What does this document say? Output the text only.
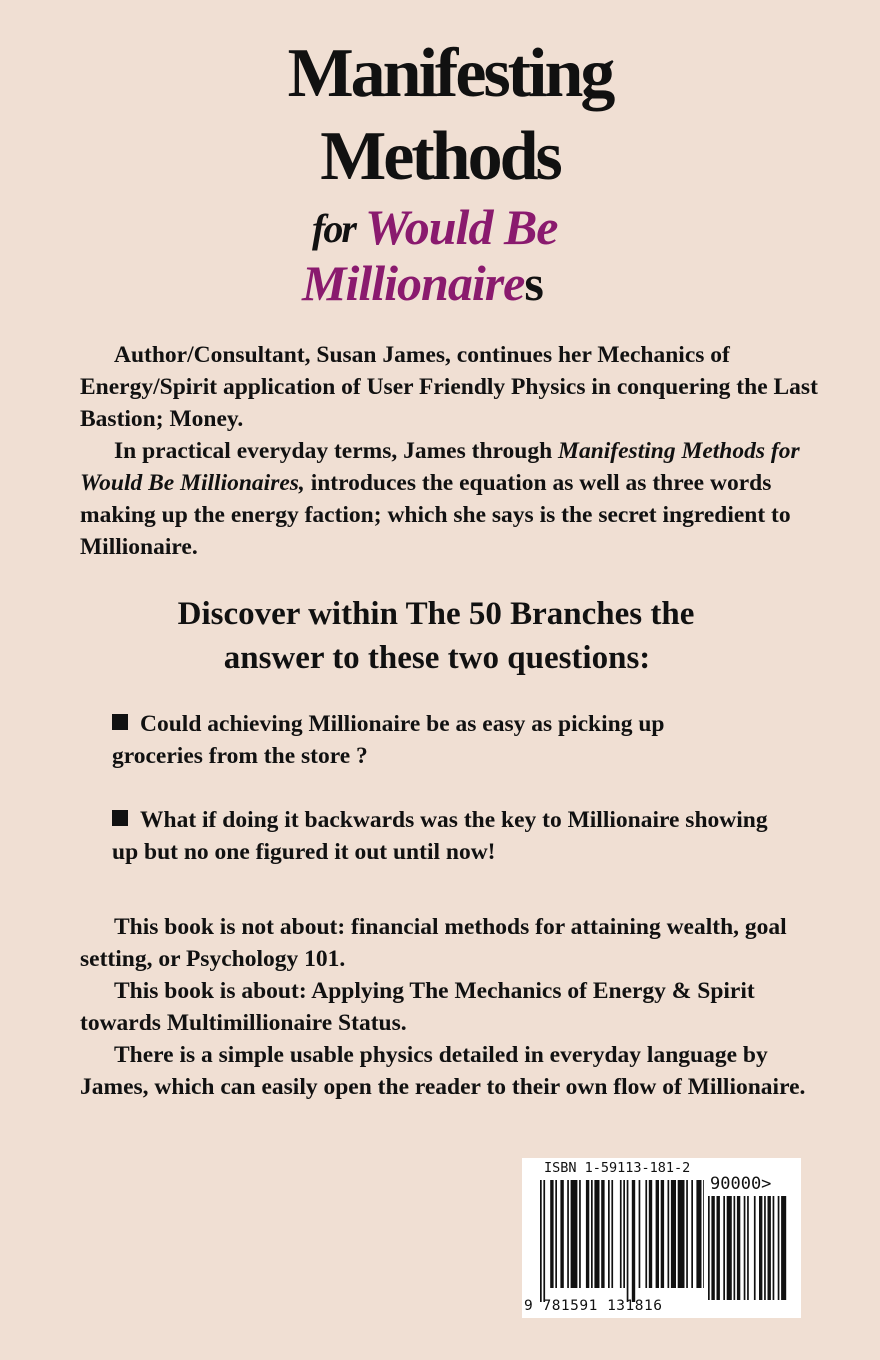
Manifesting
Methods
for Would Be
Millionaires

Author/Consultant, Susan James, continues her Mechanics of Energy/Spirit application of User Friendly Physics in conquering the Last Bastion; Money.

In practical everyday terms, James through Manifesting Methods for Would Be Millionaires, introduces the equation as well as three words making up the energy faction; which she says is the secret ingredient to Millionaire.

Discover within The 50 Branches the
answer to these two questions:
Could achieving Millionaire be as easy as picking up groceries from the store ?
What if doing it backwards was the key to Millionaire showing up but no one figured it out until now!

This book is not about: financial methods for attaining wealth, goal setting, or Psychology 101.

This book is about: Applying The Mechanics of Energy & Spirit towards Multimillionaire Status.

There is a simple usable physics detailed in everyday language by James, which can easily open the reader to their own flow of Millionaire.

ISBN 1-59113-181-2
90000>
9 781591 131816
